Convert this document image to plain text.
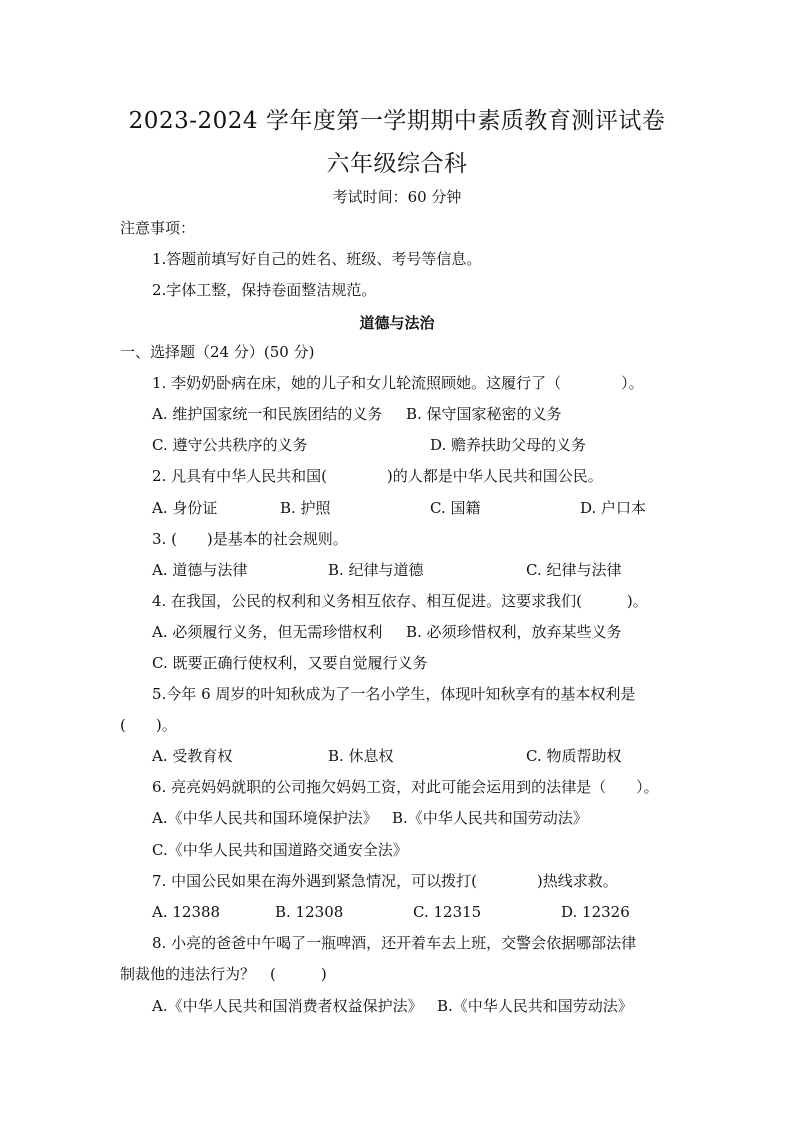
2023-2024 学年度第一学期期中素质教育测评试卷
六年级综合科
考试时间：60 分钟
注意事项：
1.答题前填写好自己的姓名、班级、考号等信息。
2.字体工整，保持卷面整洁规范。
道德与法治
一、选择题（24 分）(50 分)
1. 李奶奶卧病在床，她的儿子和女儿轮流照顾她。这履行了（　　　　）。
A. 维护国家统一和民族团结的义务 B. 保守国家秘密的义务
C. 遵守公共秩序的义务	D. 赡养扶助父母的义务
2. 凡具有中华人民共和国(　　　　)的人都是中华人民共和国公民。
A. 身份证	B. 护照	C. 国籍	D. 户口本
3. (　　)是基本的社会规则。
A. 道德与法律	B. 纪律与道德	C. 纪律与法律
4. 在我国，公民的权利和义务相互依存、相互促进。这要求我们(　　　)。
A. 必须履行义务，但无需珍惜权利 B. 必须珍惜权利，放弃某些义务
C. 既要正确行使权利，又要自觉履行义务
5.今年 6 周岁的叶知秋成为了一名小学生，体现叶知秋享有的基本权利是
(　　)。
A. 受教育权	B. 休息权	C. 物质帮助权
6. 亮亮妈妈就职的公司拖欠妈妈工资，对此可能会运用到的法律是（　　）。
A.《中华人民共和国环境保护法》 B.《中华人民共和国劳动法》
C.《中华人民共和国道路交通安全法》
7. 中国公民如果在海外遇到紧急情况，可以拨打(　　　　)热线求救。
A. 12388	B. 12308	C. 12315	D. 12326
8. 小亮的爸爸中午喝了一瓶啤酒，还开着车去上班，交警会依据哪部法律
制裁他的违法行为？　(　　　)
A.《中华人民共和国消费者权益保护法》 B.《中华人民共和国劳动法》
